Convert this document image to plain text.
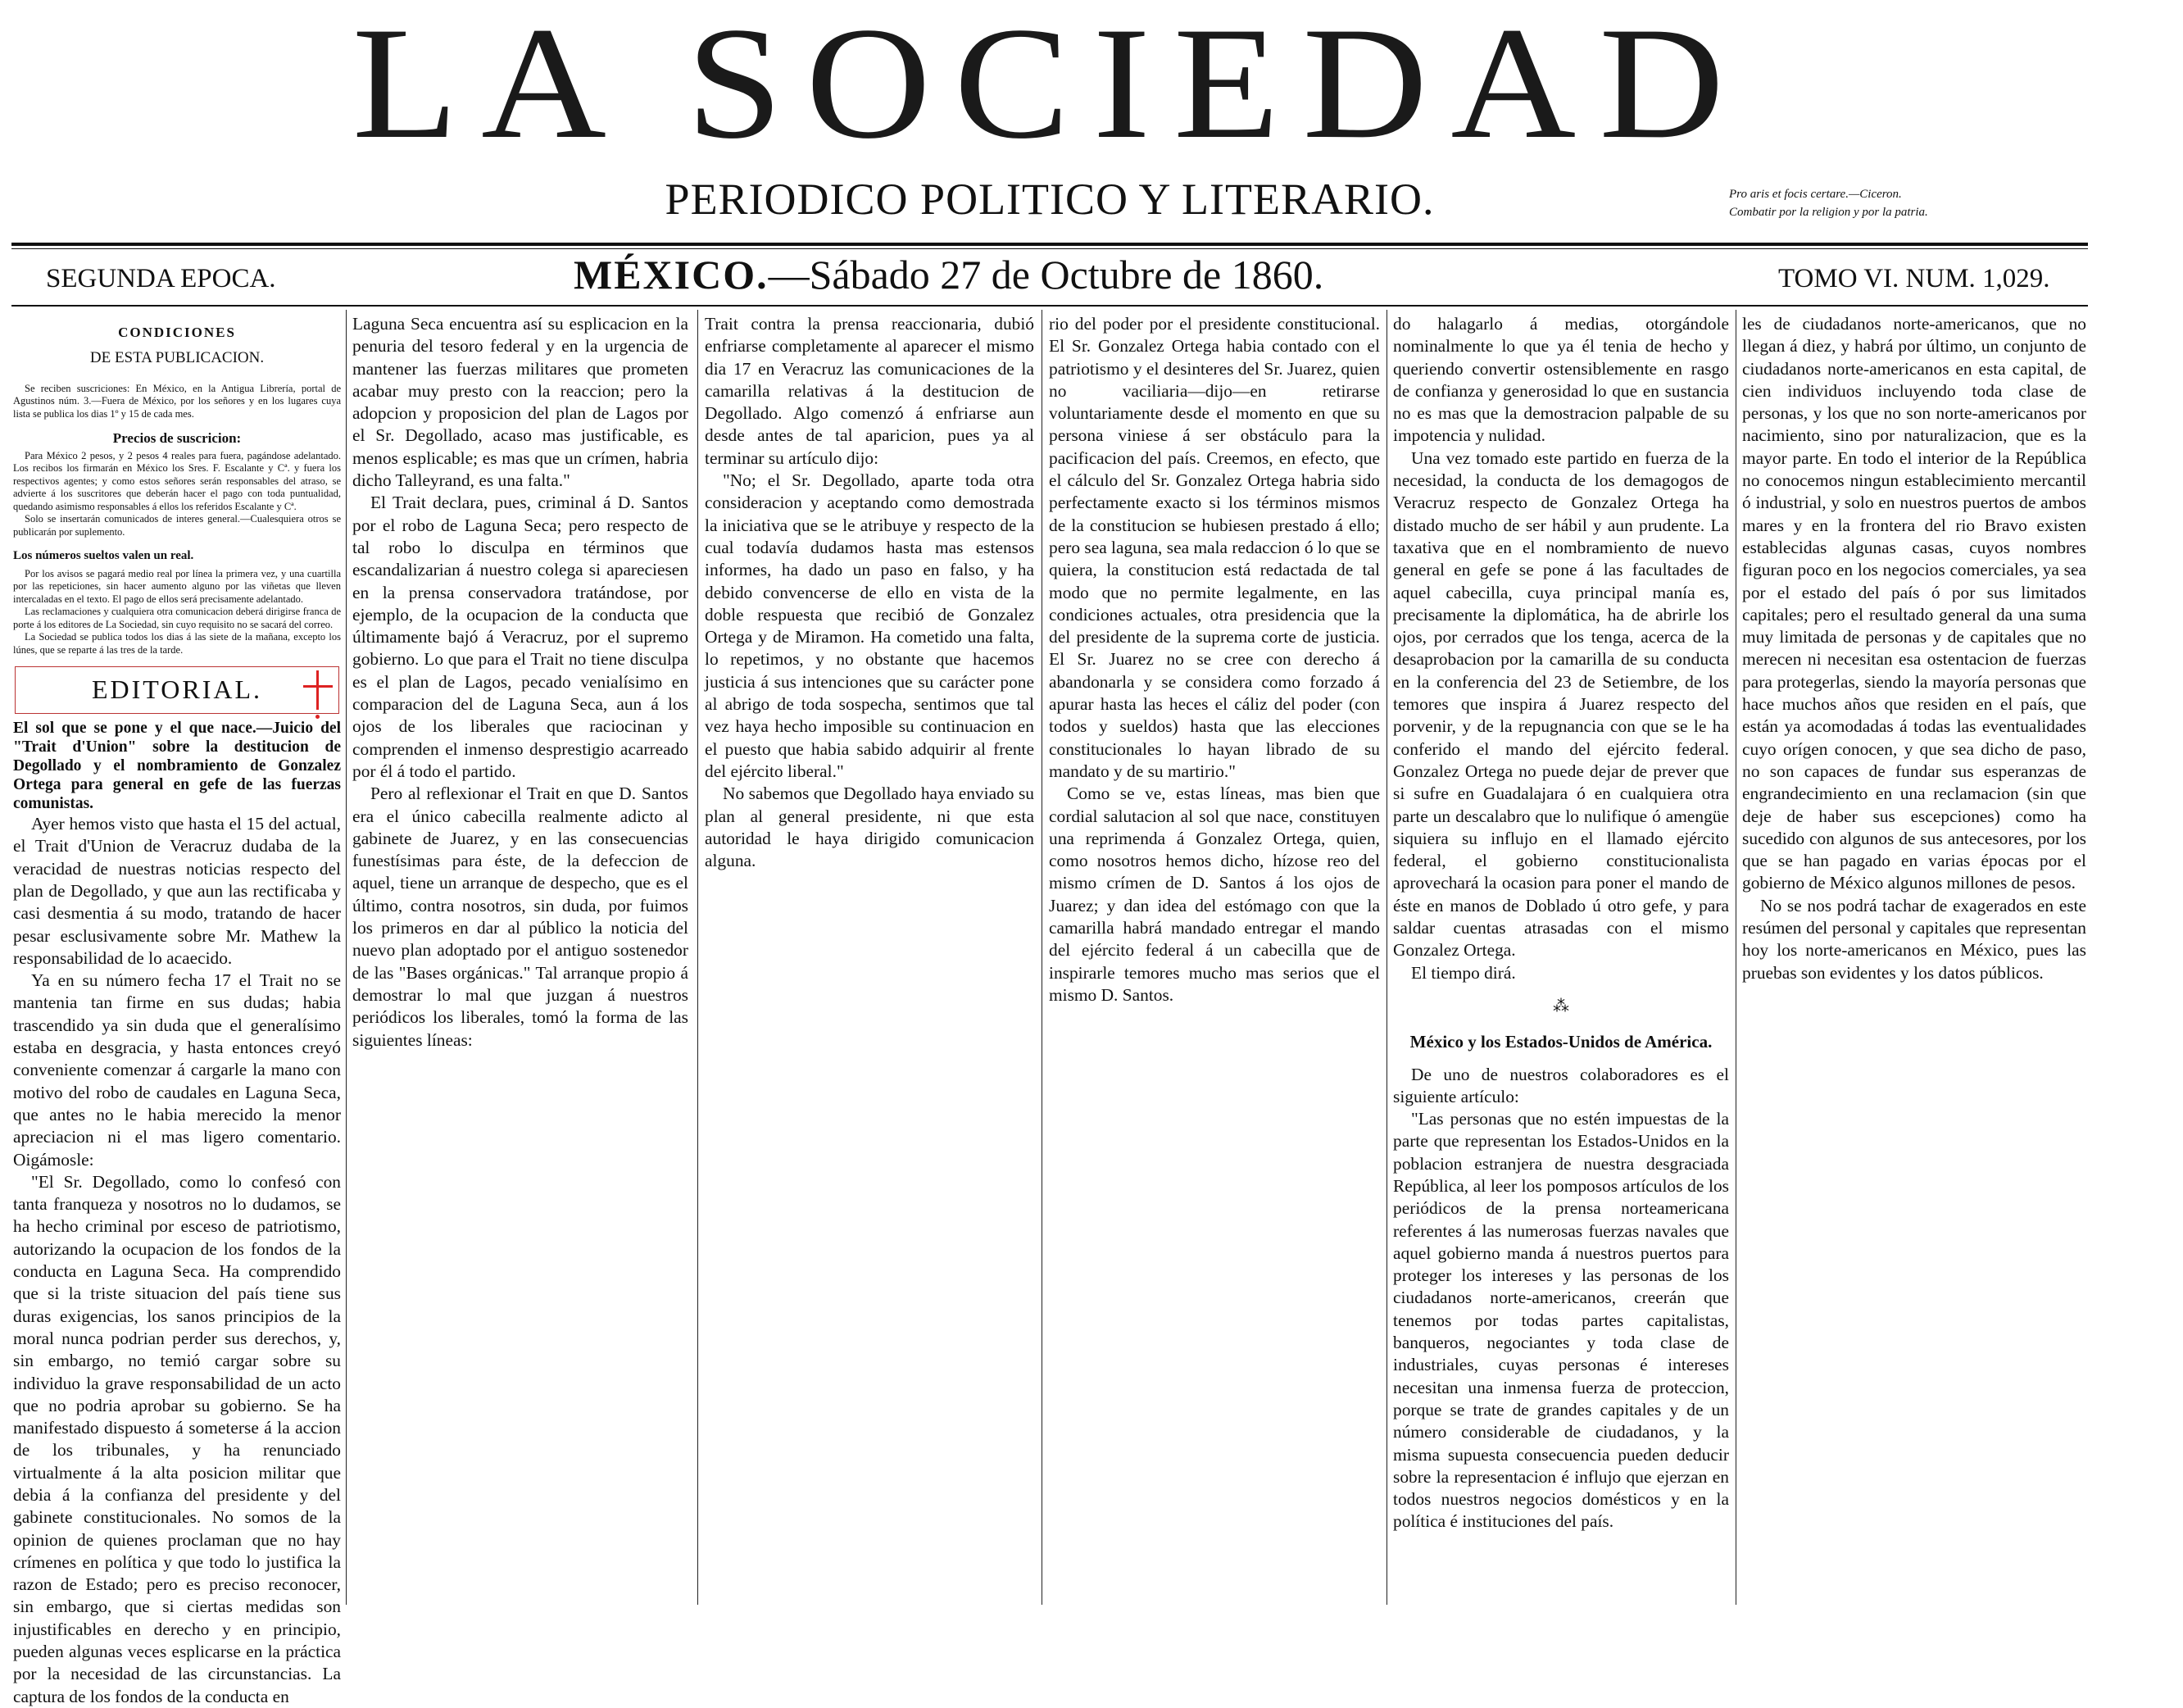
LA SOCIEDAD
PERIODICO POLITICO Y LITERARIO.	Pro aris et focis certare.—Ciceron.
Combatir por la religion y por la patria.
SEGUNDA EPOCA.	MÉXICO.—Sábado 27 de Octubre de 1860.	TOMO VI. NUM. 1,029.
CONDICIONES
DE ESTA PUBLICACION.

Se reciben suscriciones: En México, en la Antigua Librería, portal de Agustinos núm. 3.—Fuera de México, por los señores y en los lugares cuya lista se publica los dias 1º y 15 de cada mes.

Precios de suscricion:

Para México 2 pesos, y 2 pesos 4 reales para fuera, pagándose adelantado. Los recibos los firmarán en México los Sres. F. Escalante y Cª. y fuera los respectivos agentes; y como estos señores serán responsables del atraso, se advierte á los suscritores que deberán hacer el pago con toda puntualidad, quedando asimismo responsables á ellos los referidos Escalante y Cª.

Solo se insertarán comunicados de interes general.—Cualesquiera otros se publicarán por suplemento.

Los números sueltos valen un real.

Por los avisos se pagará medio real por línea la primera vez, y una cuartilla por las repeticiones, sin hacer aumento alguno por las viñetas que lleven intercaladas en el texto. El pago de ellos será precisamente adelantado.

Las reclamaciones y cualquiera otra comunicacion deberá dirigirse franca de porte á los editores de La Sociedad, sin cuyo requisito no se sacará del correo.

La Sociedad se publica todos los dias á las siete de la mañana, excepto los lúnes, que se reparte á las tres de la tarde.

EDITORIAL.

El sol que se pone y el que nace.—Juicio del "Trait d'Union" sobre la destitucion de Degollado y el nombramiento de Gonzalez Ortega para general en gefe de las fuerzas comunistas.

Ayer hemos visto que hasta el 15 del actual, el Trait d'Union de Veracruz dudaba de la veracidad de nuestras noticias respecto del plan de Degollado, y que aun las rectificaba y casi desmentia á su modo, tratando de hacer pesar esclusivamente sobre Mr. Mathew la responsabilidad de lo acaecido.

Ya en su número fecha 17 el Trait no se mantenia tan firme en sus dudas; habia trascendido ya sin duda que el generalísimo estaba en desgracia, y hasta entonces creyó conveniente comenzar á cargarle la mano con motivo del robo de caudales en Laguna Seca, que antes no le habia merecido la menor apreciacion ni el mas ligero comentario. Oigámosle:

"El Sr. Degollado, como lo confesó con tanta franqueza y nosotros no lo dudamos, se ha hecho criminal por esceso de patriotismo, autorizando la ocupacion de los fondos de la conducta en Laguna Seca. Ha comprendido que si la triste situacion del país tiene sus duras exigencias, los sanos principios de la moral nunca podrian perder sus derechos, y, sin embargo, no temió cargar sobre su individuo la grave responsabilidad de un acto que no podria aprobar su gobierno. Se ha manifestado dispuesto á someterse á la accion de los tribunales, y ha renunciado virtualmente á la alta posicion militar que debia á la confianza del presidente y del gabinete constitucionales. No somos de la opinion de quienes proclaman que no hay crímenes en política y que todo lo justifica la razon de Estado; pero es preciso reconocer, sin embargo, que si ciertas medidas son injustificables en derecho y en principio, pueden algunas veces esplicarse en la práctica por la necesidad de las circunstancias. La captura de los fondos de la conducta en

Laguna Seca encuentra así su esplicacion en la penuria del tesoro federal y en la urgencia de mantener las fuerzas militares que prometen acabar muy presto con la reaccion; pero la adopcion y proposicion del plan de Lagos por el Sr. Degollado, acaso mas justificable, es menos esplicable; es mas que un crímen, habria dicho Talleyrand, es una falta."

El Trait declara, pues, criminal á D. Santos por el robo de Laguna Seca; pero respecto de tal robo lo disculpa en términos que escandalizarian á nuestro colega si apareciesen en la prensa conservadora tratándose, por ejemplo, de la ocupacion de la conducta que últimamente bajó á Veracruz, por el supremo gobierno. Lo que para el Trait no tiene disculpa es el plan de Lagos, pecado venialísimo en comparacion del de Laguna Seca, aun á los ojos de los liberales que raciocinan y comprenden el inmenso desprestigio acarreado por él á todo el partido.

Pero al reflexionar el Trait en que D. Santos era el único cabecilla realmente adicto al gabinete de Juarez, y en las consecuencias funestísimas para éste, de la defeccion de aquel, tiene un arranque de despecho, que es el último, contra nosotros, sin duda, por fuimos los primeros en dar al público la noticia del nuevo plan adoptado por el antiguo sostenedor de las "Bases orgánicas." Tal arranque propio á demostrar lo mal que juzgan á nuestros periódicos los liberales, tomó la forma de las siguientes líneas:

Trait contra la prensa reaccionaria, dubió enfriarse completamente al aparecer el mismo dia 17 en Veracruz las comunicaciones de la camarilla relativas á la destitucion de Degollado. Algo comenzó á enfriarse aun desde antes de tal aparicion, pues ya al terminar su artículo dijo:

"No; el Sr. Degollado, aparte toda otra consideracion y aceptando como demostrada la iniciativa que se le atribuye y respecto de la cual todavía dudamos hasta mas estensos informes, ha dado un paso en falso, y ha debido convencerse de ello en vista de la doble respuesta que recibió de Gonzalez Ortega y de Miramon. Ha cometido una falta, lo repetimos, y no obstante que hacemos justicia á sus intenciones que su carácter pone al abrigo de toda sospecha, sentimos que tal vez haya hecho imposible su continuacion en el puesto que habia sabido adquirir al frente del ejército liberal."

No sabemos que Degollado haya enviado su plan al general presidente, ni que esta autoridad le haya dirigido comunicacion alguna.

rio del poder por el presidente constitucional. El Sr. Gonzalez Ortega habia contado con el patriotismo y el desinteres del Sr. Juarez, quien no vaciliaria—dijo—en retirarse voluntariamente desde el momento en que su persona viniese á ser obstáculo para la pacificacion del país. Creemos, en efecto, que el cálculo del Sr. Gonzalez Ortega habria sido perfectamente exacto si los términos mismos de la constitucion se hubiesen prestado á ello; pero sea laguna, sea mala redaccion ó lo que se quiera, la constitucion está redactada de tal modo que no permite legalmente, en las condiciones actuales, otra presidencia que la del presidente de la suprema corte de justicia. El Sr. Juarez no se cree con derecho á abandonarla y se considera como forzado á apurar hasta las heces el cáliz del poder (con todos y sueldos) hasta que las elecciones constitucionales lo hayan librado de su mandato y de su martirio."

Como se ve, estas líneas, mas bien que cordial salutacion al sol que nace, constituyen una reprimenda á Gonzalez Ortega, quien, como nosotros hemos dicho, hízose reo del mismo crímen de D. Santos á los ojos de Juarez; y dan idea del estómago con que la camarilla habrá mandado entregar el mando del ejército federal á un cabecilla que de inspirarle temores mucho mas serios que el mismo D. Santos.

do halagarlo á medias, otorgándole nominalmente lo que ya él tenia de hecho y queriendo convertir ostensiblemente en rasgo de confianza y generosidad lo que en sustancia no es mas que la demostracion palpable de su impotencia y nulidad.

Una vez tomado este partido en fuerza de la necesidad, la conducta de los demagogos de Veracruz respecto de Gonzalez Ortega ha distado mucho de ser hábil y aun prudente. La taxativa que en el nombramiento de nuevo general en gefe se pone á las facultades de aquel cabecilla, cuya principal manía es, precisamente la diplomática, ha de abrirle los ojos, por cerrados que los tenga, acerca de la desaprobacion por la camarilla de su conducta en la conferencia del 23 de Setiembre, de los temores que inspira á Juarez respecto del porvenir, y de la repugnancia con que se le ha conferido el mando del ejército federal. Gonzalez Ortega no puede dejar de prever que si sufre en Guadalajara ó en cualquiera otra parte un descalabro que lo nulifique ó amengüe siquiera su influjo en el llamado ejército federal, el gobierno constitucionalista aprovechará la ocasion para poner el mando de éste en manos de Doblado ú otro gefe, y para saldar cuentas atrasadas con el mismo Gonzalez Ortega.

El tiempo dirá.

⁂
México y los Estados-Unidos de América.

De uno de nuestros colaboradores es el siguiente artículo:

"Las personas que no estén impuestas de la parte que representan los Estados-Unidos en la poblacion estranjera de nuestra desgraciada República, al leer los pomposos artículos de los periódicos de la prensa norteamericana referentes á las numerosas fuerzas navales que aquel gobierno manda á nuestros puertos para proteger los intereses y las personas de los ciudadanos norte-americanos, creerán que tenemos por todas partes capitalistas, banqueros, negociantes y toda clase de industriales, cuyas personas é intereses necesitan una inmensa fuerza de proteccion, porque se trate de grandes capitales y de un número considerable de ciudadanos, y la misma supuesta consecuencia pueden deducir sobre la representacion é influjo que ejerzan en todos nuestros negocios domésticos y en la política é instituciones del país.

les de ciudadanos norte-americanos, que no llegan á diez, y habrá por último, un conjunto de ciudadanos norte-americanos en esta capital, de cien individuos incluyendo toda clase de personas, y los que no son norte-americanos por nacimiento, sino por naturalizacion, que es la mayor parte. En todo el interior de la República no conocemos ningun establecimiento mercantil ó industrial, y solo en nuestros puertos de ambos mares y en la frontera del rio Bravo existen establecidas algunas casas, cuyos nombres figuran poco en los negocios comerciales, ya sea por el estado del país ó por sus limitados capitales; pero el resultado general da una suma muy limitada de personas y de capitales que no merecen ni necesitan esa ostentacion de fuerzas para protegerlas, siendo la mayoría personas que hace muchos años que residen en el país, que están ya acomodadas á todas las eventualidades cuyo orígen conocen, y que sea dicho de paso, no son capaces de fundar sus esperanzas de engrandecimiento en una reclamacion (sin que deje de haber sus escepciones) como ha sucedido con algunos de sus antecesores, por los que se han pagado en varias épocas por el gobierno de México algunos millones de pesos.

No se nos podrá tachar de exagerados en este resúmen del personal y capitales que representan hoy los norte-americanos en México, pues las pruebas son evidentes y los datos públicos.
